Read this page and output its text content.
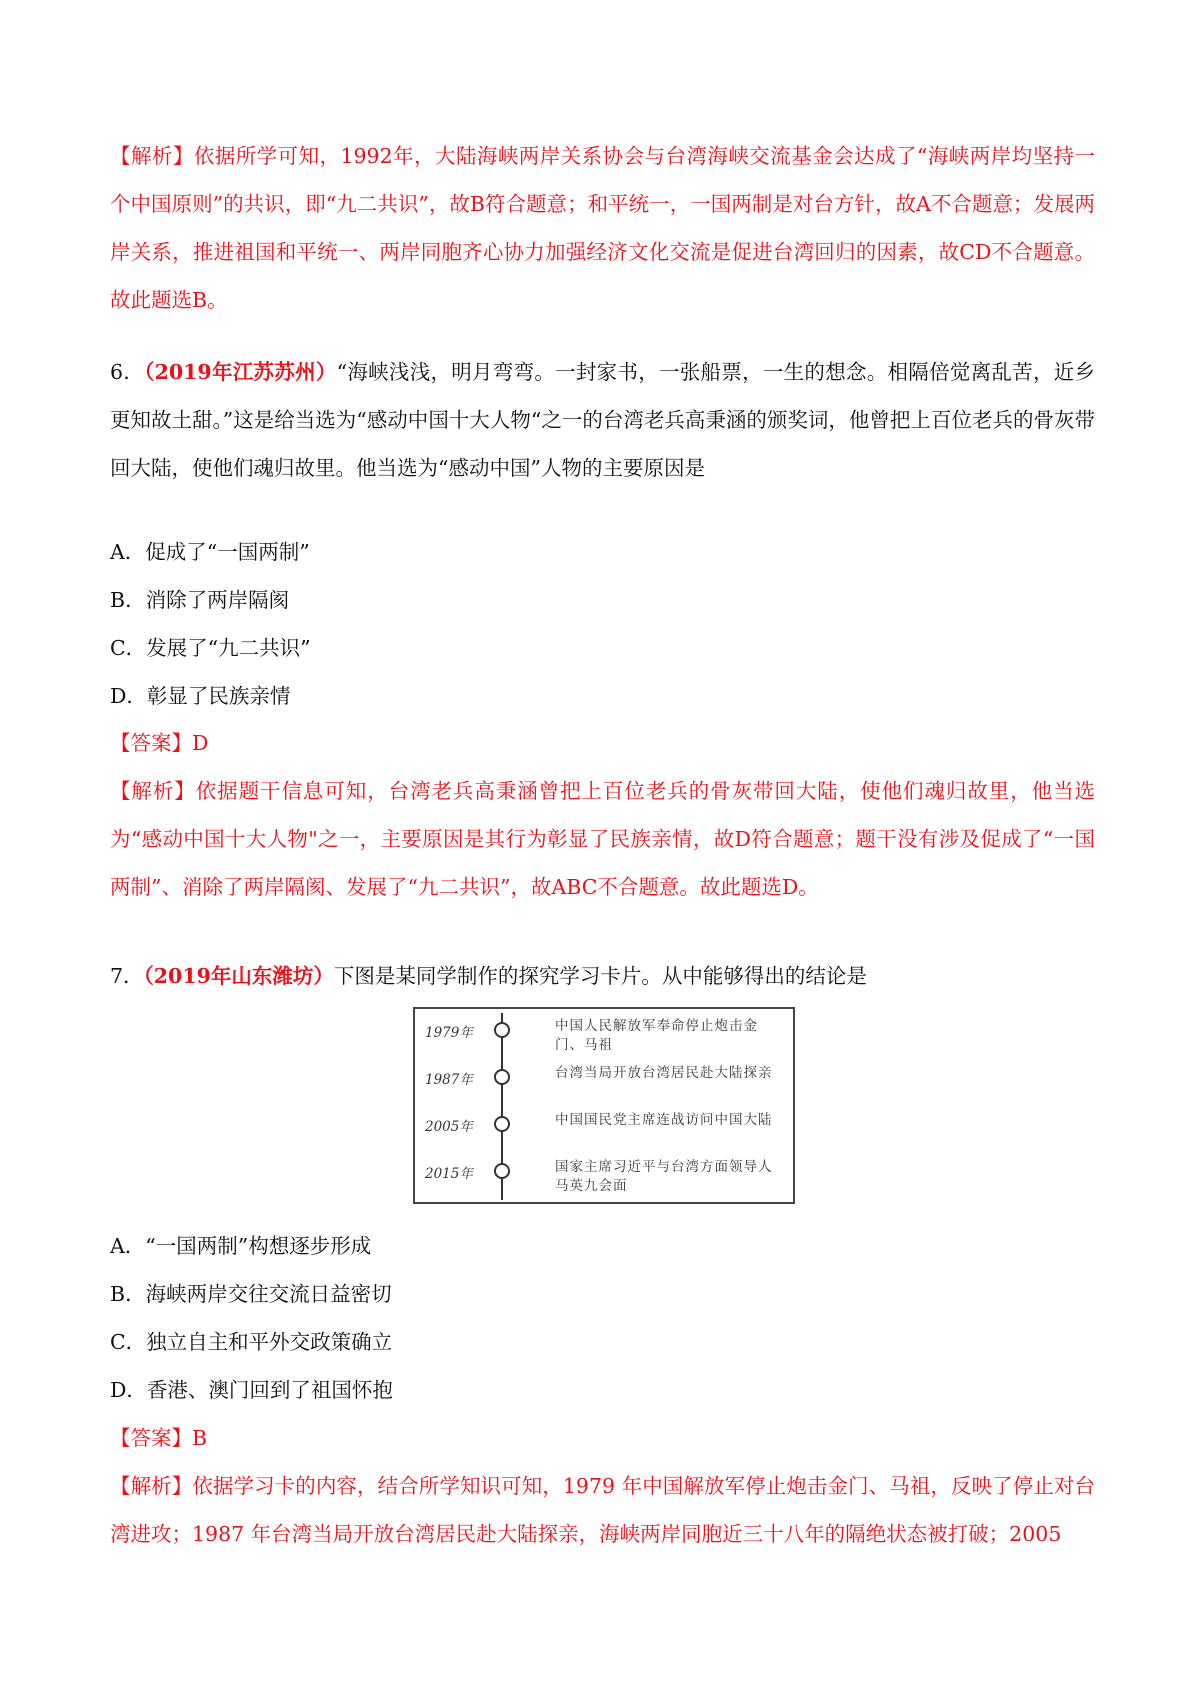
【解析】依据所学可知，1992年，大陆海峡两岸关系协会与台湾海峡交流基金会达成了“海峡两岸均坚持一个中国原则”的共识，即“九二共识”，故B符合题意；和平统一，一国两制是对台方针，故A不合题意；发展两岸关系，推进祖国和平统一、两岸同胞齐心协力加强经济文化交流是促进台湾回归的因素，故CD不合题意。故此题选B。

6．（2019年江苏苏州）“海峡浅浅，明月弯弯。一封家书，一张船票，一生的想念。相隔倍觉离乱苦，近乡更知故土甜。”这是给当选为“感动中国十大人物“之一的台湾老兵高秉涵的颁奖词，他曾把上百位老兵的骨灰带回大陆，使他们魂归故里。他当选为“感动中国”人物的主要原因是

A．促成了“一国两制”

B．消除了两岸隔阂

C．发展了“九二共识”

D．彰显了民族亲情

【答案】D

【解析】依据题干信息可知，台湾老兵高秉涵曾把上百位老兵的骨灰带回大陆，使他们魂归故里，他当选为“感动中国十大人物"之一，主要原因是其行为彰显了民族亲情，故D符合题意；题干没有涉及促成了“一国两制”、消除了两岸隔阂、发展了“九二共识”，故ABC不合题意。故此题选D。

7．（2019年山东潍坊）下图是某同学制作的探究学习卡片。从中能够得出的结论是

1979年	中国人民解放军奉命停止炮击金门、马祖
1987年	台湾当局开放台湾居民赴大陆探亲
2005年	中国国民党主席连战访问中国大陆
2015年	国家主席习近平与台湾方面领导人马英九会面

A．“一国两制”构想逐步形成

B．海峡两岸交往交流日益密切

C．独立自主和平外交政策确立

D．香港、澳门回到了祖国怀抱

【答案】B

【解析】依据学习卡的内容，结合所学知识可知，1979 年中国解放军停止炮击金门、马祖，反映了停止对台湾进攻；1987 年台湾当局开放台湾居民赴大陆探亲，海峡两岸同胞近三十八年的隔绝状态被打破；2005
